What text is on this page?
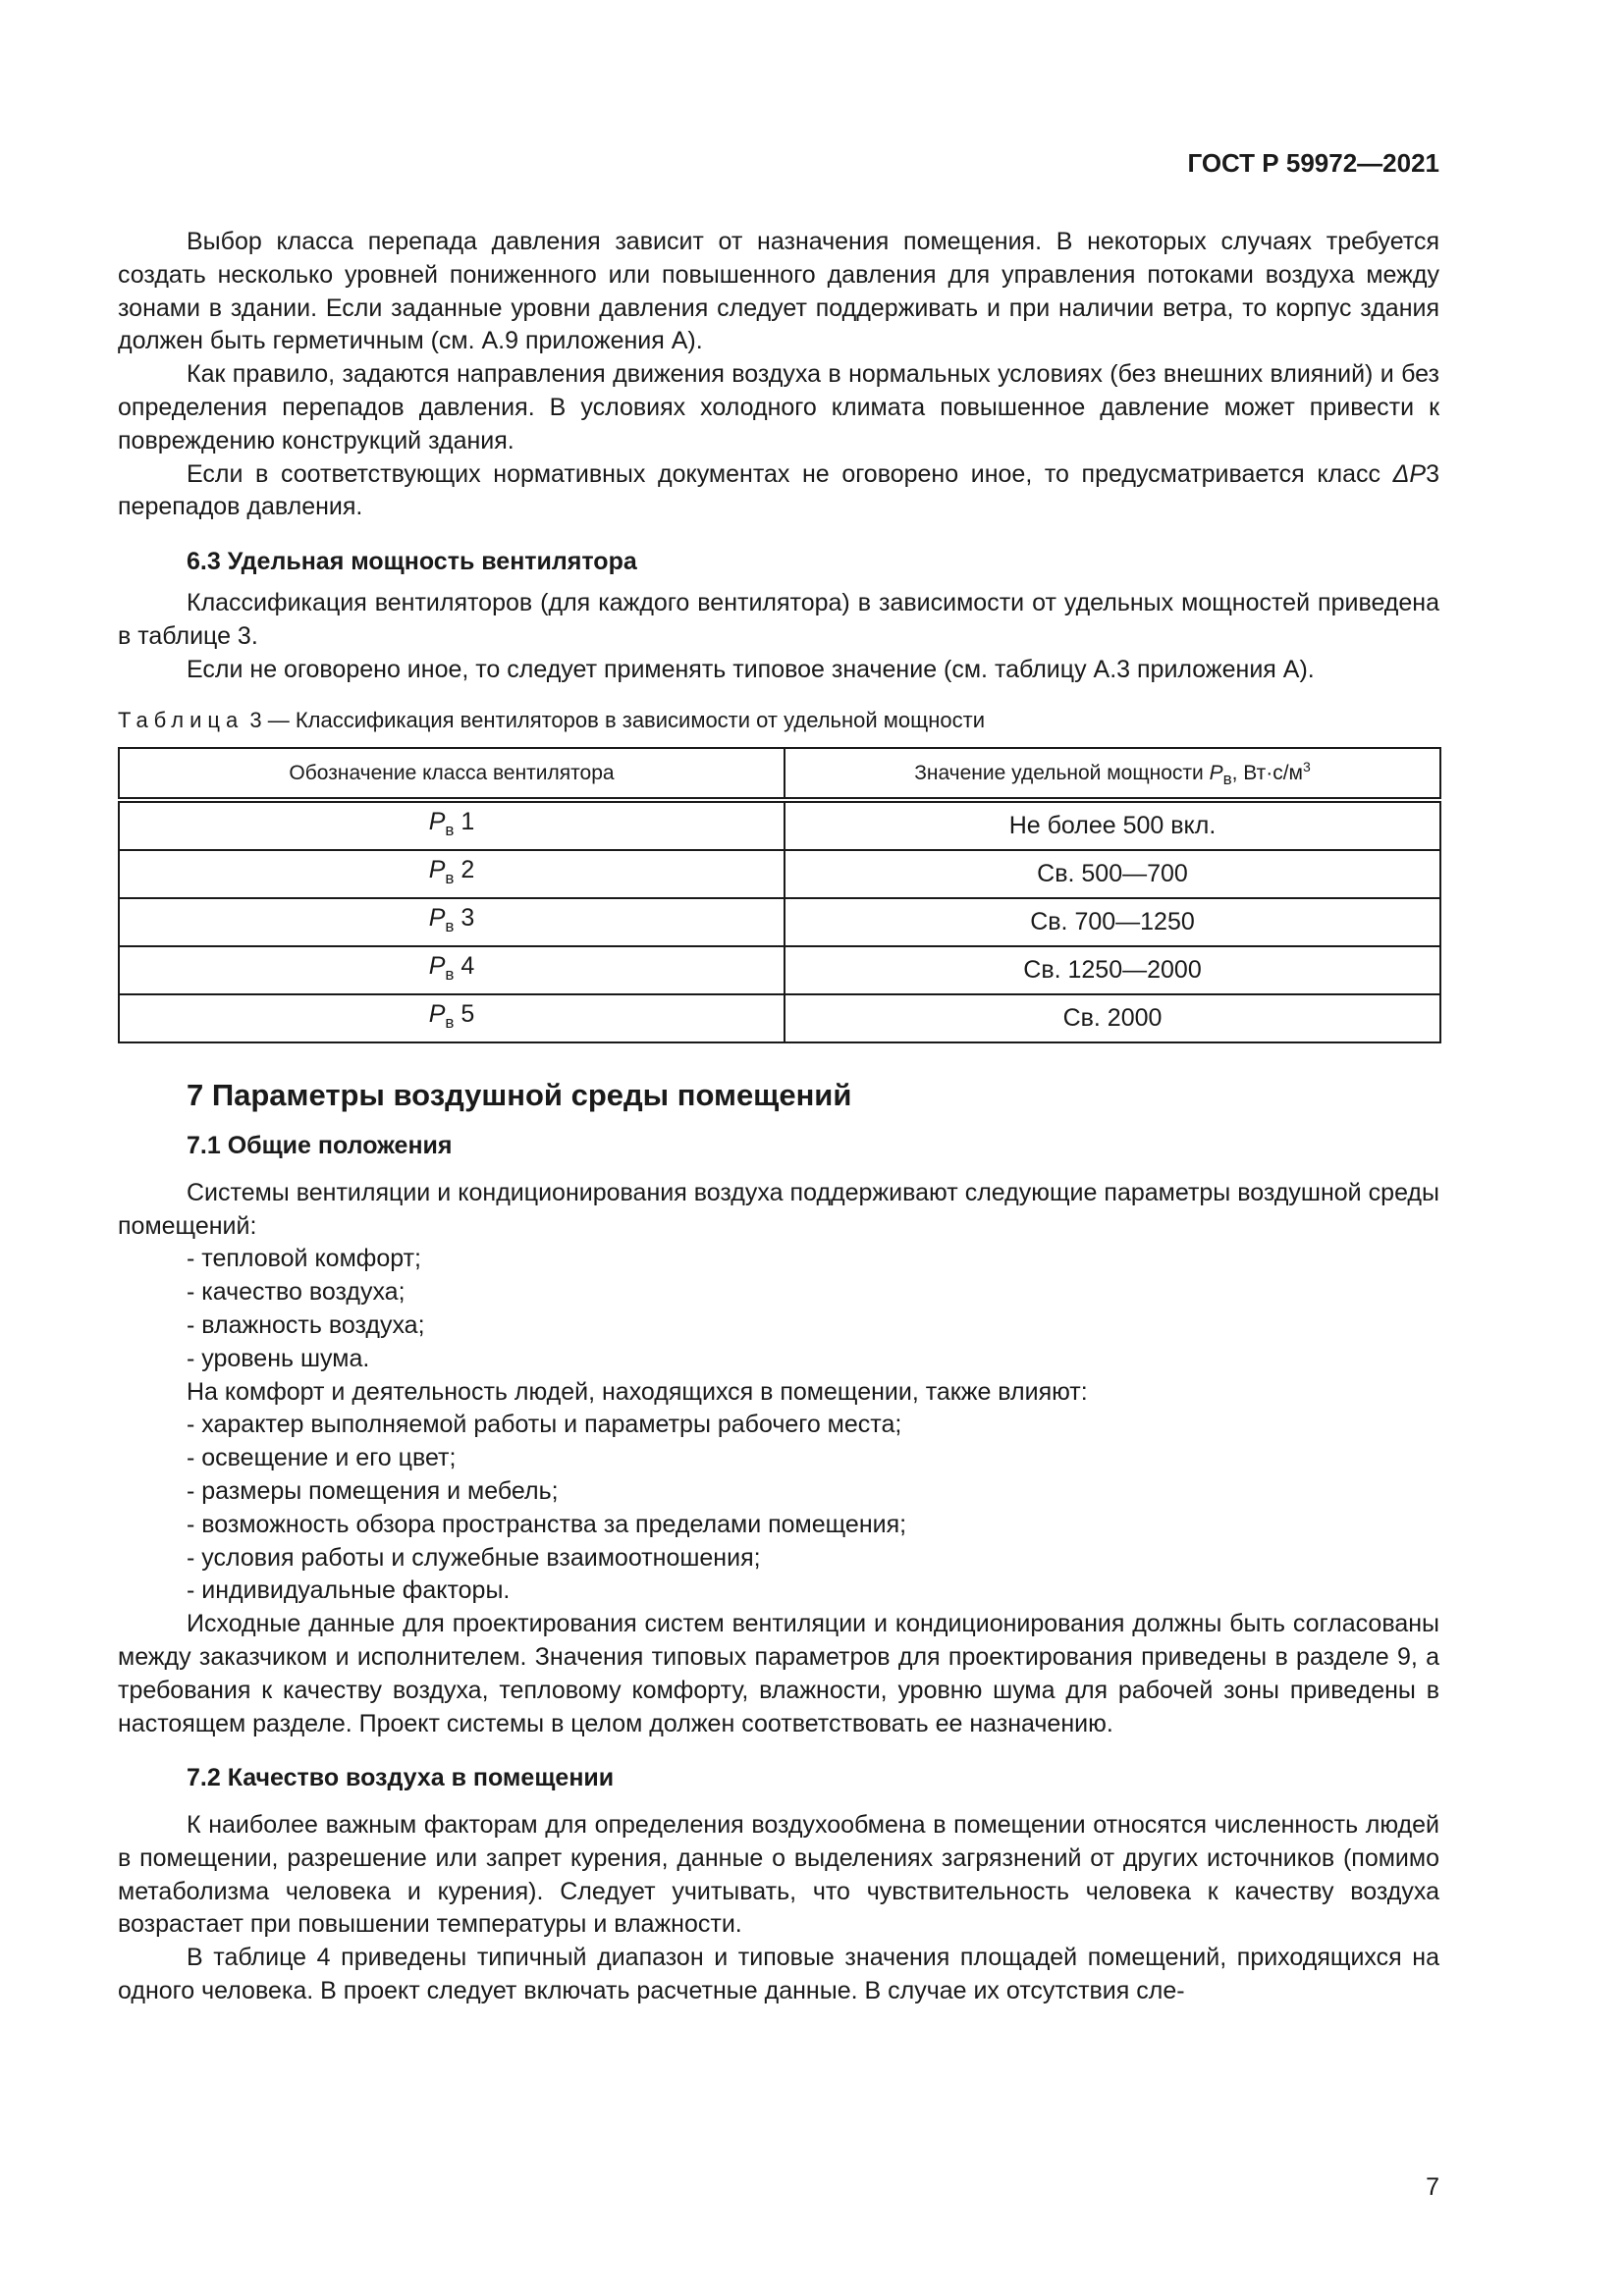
ГОСТ Р 59972—2021

Выбор класса перепада давления зависит от назначения помещения. В некоторых случаях требуется создать несколько уровней пониженного или повышенного давления для управления потоками воздуха между зонами в здании. Если заданные уровни давления следует поддерживать и при наличии ветра, то корпус здания должен быть герметичным (см. А.9 приложения А).

Как правило, задаются направления движения воздуха в нормальных условиях (без внешних влияний) и без определения перепадов давления. В условиях холодного климата повышенное давление может привести к повреждению конструкций здания.

Если в соответствующих нормативных документах не оговорено иное, то предусматривается класс ΔP3 перепадов давления.

6.3 Удельная мощность вентилятора

Классификация вентиляторов (для каждого вентилятора) в зависимости от удельных мощностей приведена в таблице 3.

Если не оговорено иное, то следует применять типовое значение (см. таблицу А.3 приложения А).

Таблица 3 — Классификация вентиляторов в зависимости от удельной мощности
Обозначение класса вентилятора	Значение удельной мощности $P_в$, $Вт\cdot с/м^3$
$P_в$ 1	Не более 500 вкл.
$P_в$ 2	Св. 500—700
$P_в$ 3	Св. 700—1250
$P_в$ 4	Св. 1250—2000
$P_в$ 5	Св. 2000
7 Параметры воздушной среды помещений
7.1 Общие положения

Системы вентиляции и кондиционирования воздуха поддерживают следующие параметры воздушной среды помещений:

- тепловой комфорт;

- качество воздуха;

- влажность воздуха;

- уровень шума.

На комфорт и деятельность людей, находящихся в помещении, также влияют:

- характер выполняемой работы и параметры рабочего места;

- освещение и его цвет;

- размеры помещения и мебель;

- возможность обзора пространства за пределами помещения;

- условия работы и служебные взаимоотношения;

- индивидуальные факторы.

Исходные данные для проектирования систем вентиляции и кондиционирования должны быть согласованы между заказчиком и исполнителем. Значения типовых параметров для проектирования приведены в разделе 9, а требования к качеству воздуха, тепловому комфорту, влажности, уровню шума для рабочей зоны приведены в настоящем разделе. Проект системы в целом должен соответствовать ее назначению.

7.2 Качество воздуха в помещении

К наиболее важным факторам для определения воздухообмена в помещении относятся численность людей в помещении, разрешение или запрет курения, данные о выделениях загрязнений от других источников (помимо метаболизма человека и курения). Следует учитывать, что чувствительность человека к качеству воздуха возрастает при повышении температуры и влажности.

В таблице 4 приведены типичный диапазон и типовые значения площадей помещений, приходящихся на одного человека. В проект следует включать расчетные данные. В случае их отсутствия сле-

7
